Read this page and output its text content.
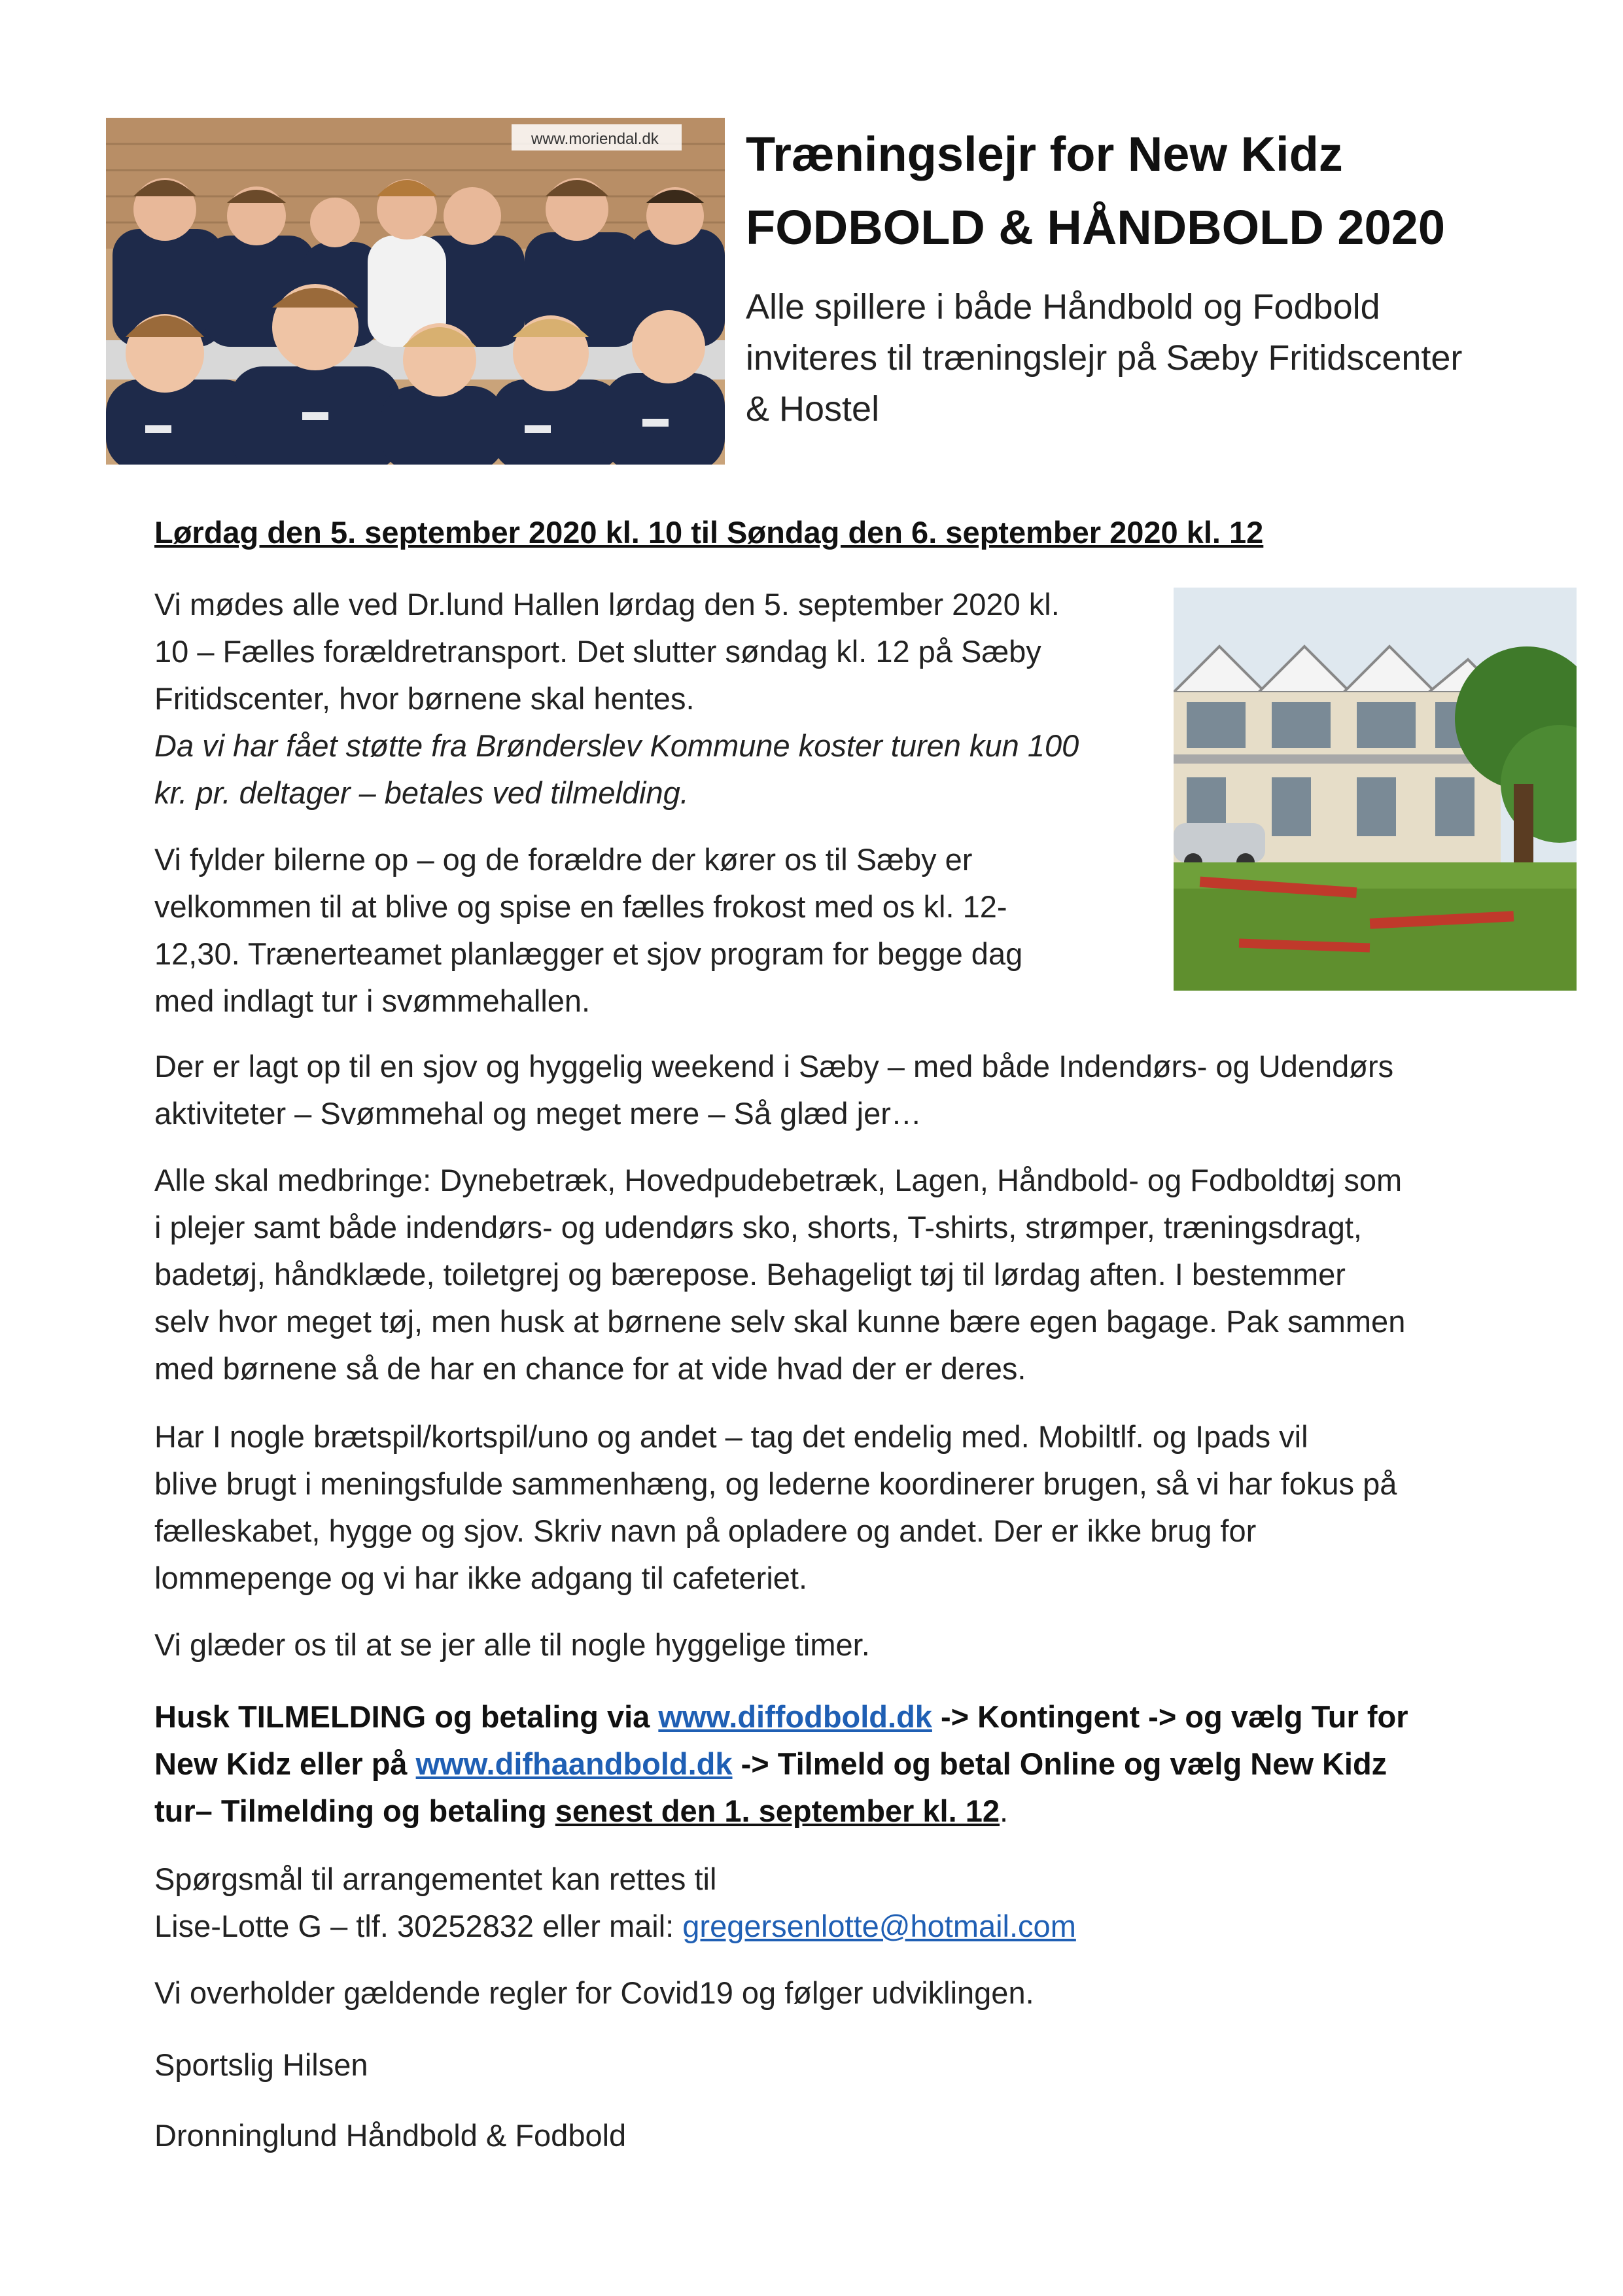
www.moriendal.dk Træningslejr for New Kidz
FODBOLD & HÅNDBOLD 2020
Alle spillere i både Håndbold og Fodbold
inviteres til træningslejr på Sæby Fritidscenter
& Hostel
Lørdag den 5. september 2020 kl. 10 til Søndag den 6. september 2020 kl. 12
Vi mødes alle ved Dr.lund Hallen lørdag den 5. september 2020 kl.
10 – Fælles forældretransport. Det slutter søndag kl. 12 på Sæby
Fritidscenter, hvor børnene skal hentes.
Da vi har fået støtte fra Brønderslev Kommune koster turen kun 100
kr. pr. deltager – betales ved tilmelding.
Vi fylder bilerne op – og de forældre der kører os til Sæby er
velkommen til at blive og spise en fælles frokost med os kl. 12-
12,30. Trænerteamet planlægger et sjov program for begge dag
med indlagt tur i svømmehallen.
Der er lagt op til en sjov og hyggelig weekend i Sæby – med både Indendørs- og Udendørs
aktiviteter – Svømmehal og meget mere – Så glæd jer…
Alle skal medbringe: Dynebetræk, Hovedpudebetræk, Lagen, Håndbold- og Fodboldtøj som
i plejer samt både indendørs- og udendørs sko, shorts, T-shirts, strømper, træningsdragt,
badetøj, håndklæde, toiletgrej og bærepose. Behageligt tøj til lørdag aften. I bestemmer
selv hvor meget tøj, men husk at børnene selv skal kunne bære egen bagage. Pak sammen
med børnene så de har en chance for at vide hvad der er deres.
Har I nogle brætspil/kortspil/uno og andet – tag det endelig med. Mobiltlf. og Ipads vil
blive brugt i meningsfulde sammenhæng, og lederne koordinerer brugen, så vi har fokus på
fælleskabet, hygge og sjov. Skriv navn på opladere og andet. Der er ikke brug for
lommepenge og vi har ikke adgang til cafeteriet.
Vi glæder os til at se jer alle til nogle hyggelige timer.
Husk TILMELDING og betaling via www.diffodbold.dk -> Kontingent -> og vælg Tur for
New Kidz eller på www.difhaandbold.dk -> Tilmeld og betal Online og vælg New Kidz
tur– Tilmelding og betaling senest den 1. september kl. 12.
Spørgsmål til arrangementet kan rettes til
Lise-Lotte G – tlf. 30252832 eller mail: gregersenlotte@hotmail.com
Vi overholder gældende regler for Covid19 og følger udviklingen.
Sportslig Hilsen
Dronninglund Håndbold & Fodbold
